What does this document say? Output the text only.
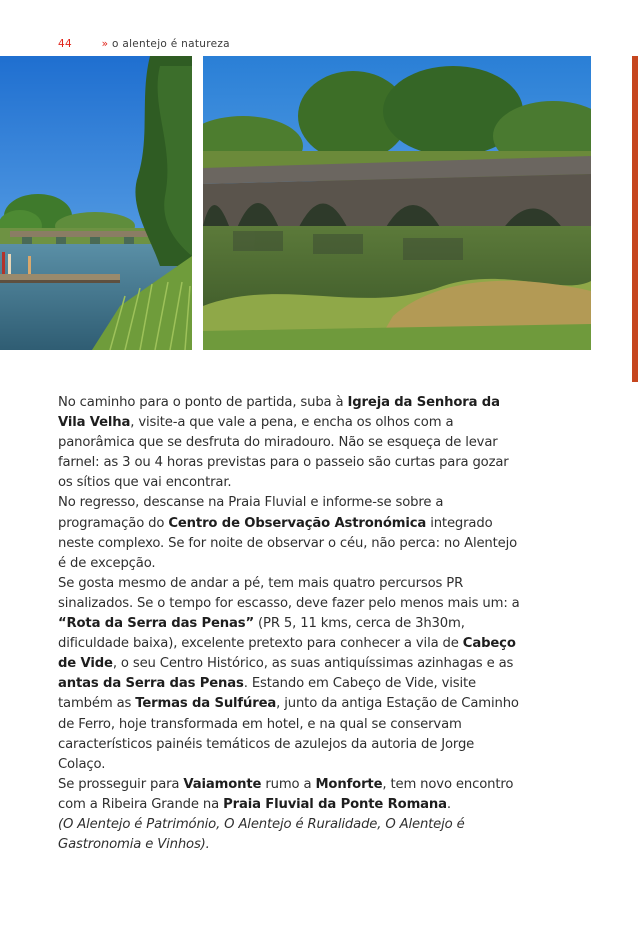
44	» o alentejo é natureza

No caminho para o ponto de partida, suba à Igreja da Senhora da Vila Velha, visite-a que vale a pena, e encha os olhos com a panorâmica que se desfruta do miradouro. Não se esqueça de levar farnel: as 3 ou 4 horas previstas para o passeio são curtas para gozar os sítios que vai encontrar.

No regresso, descanse na Praia Fluvial e informe-se sobre a programação do Centro de Observação Astronómica integrado neste complexo. Se for noite de observar o céu, não perca: no Alentejo é de excepção.

Se gosta mesmo de andar a pé, tem mais quatro percursos PR sinalizados. Se o tempo for escasso, deve fazer pelo menos mais um: a “Rota da Serra das Penas” (PR 5, 11 kms, cerca de 3h30m, dificuldade baixa), excelente pretexto para conhecer a vila de Cabeço de Vide, o seu Centro Histórico, as suas antiquíssimas azinhagas e as antas da Serra das Penas. Estando em Cabeço de Vide, visite também as Termas da Sulfúrea, junto da antiga Estação de Caminho de Ferro, hoje transformada em hotel, e na qual se conservam característicos painéis temáticos de azulejos da autoria de Jorge Colaço.

Se prosseguir para Vaiamonte rumo a Monforte, tem novo encontro com a Ribeira Grande na Praia Fluvial da Ponte Romana.

(O Alentejo é Património, O Alentejo é Ruralidade, O Alentejo é Gastronomia e Vinhos).
